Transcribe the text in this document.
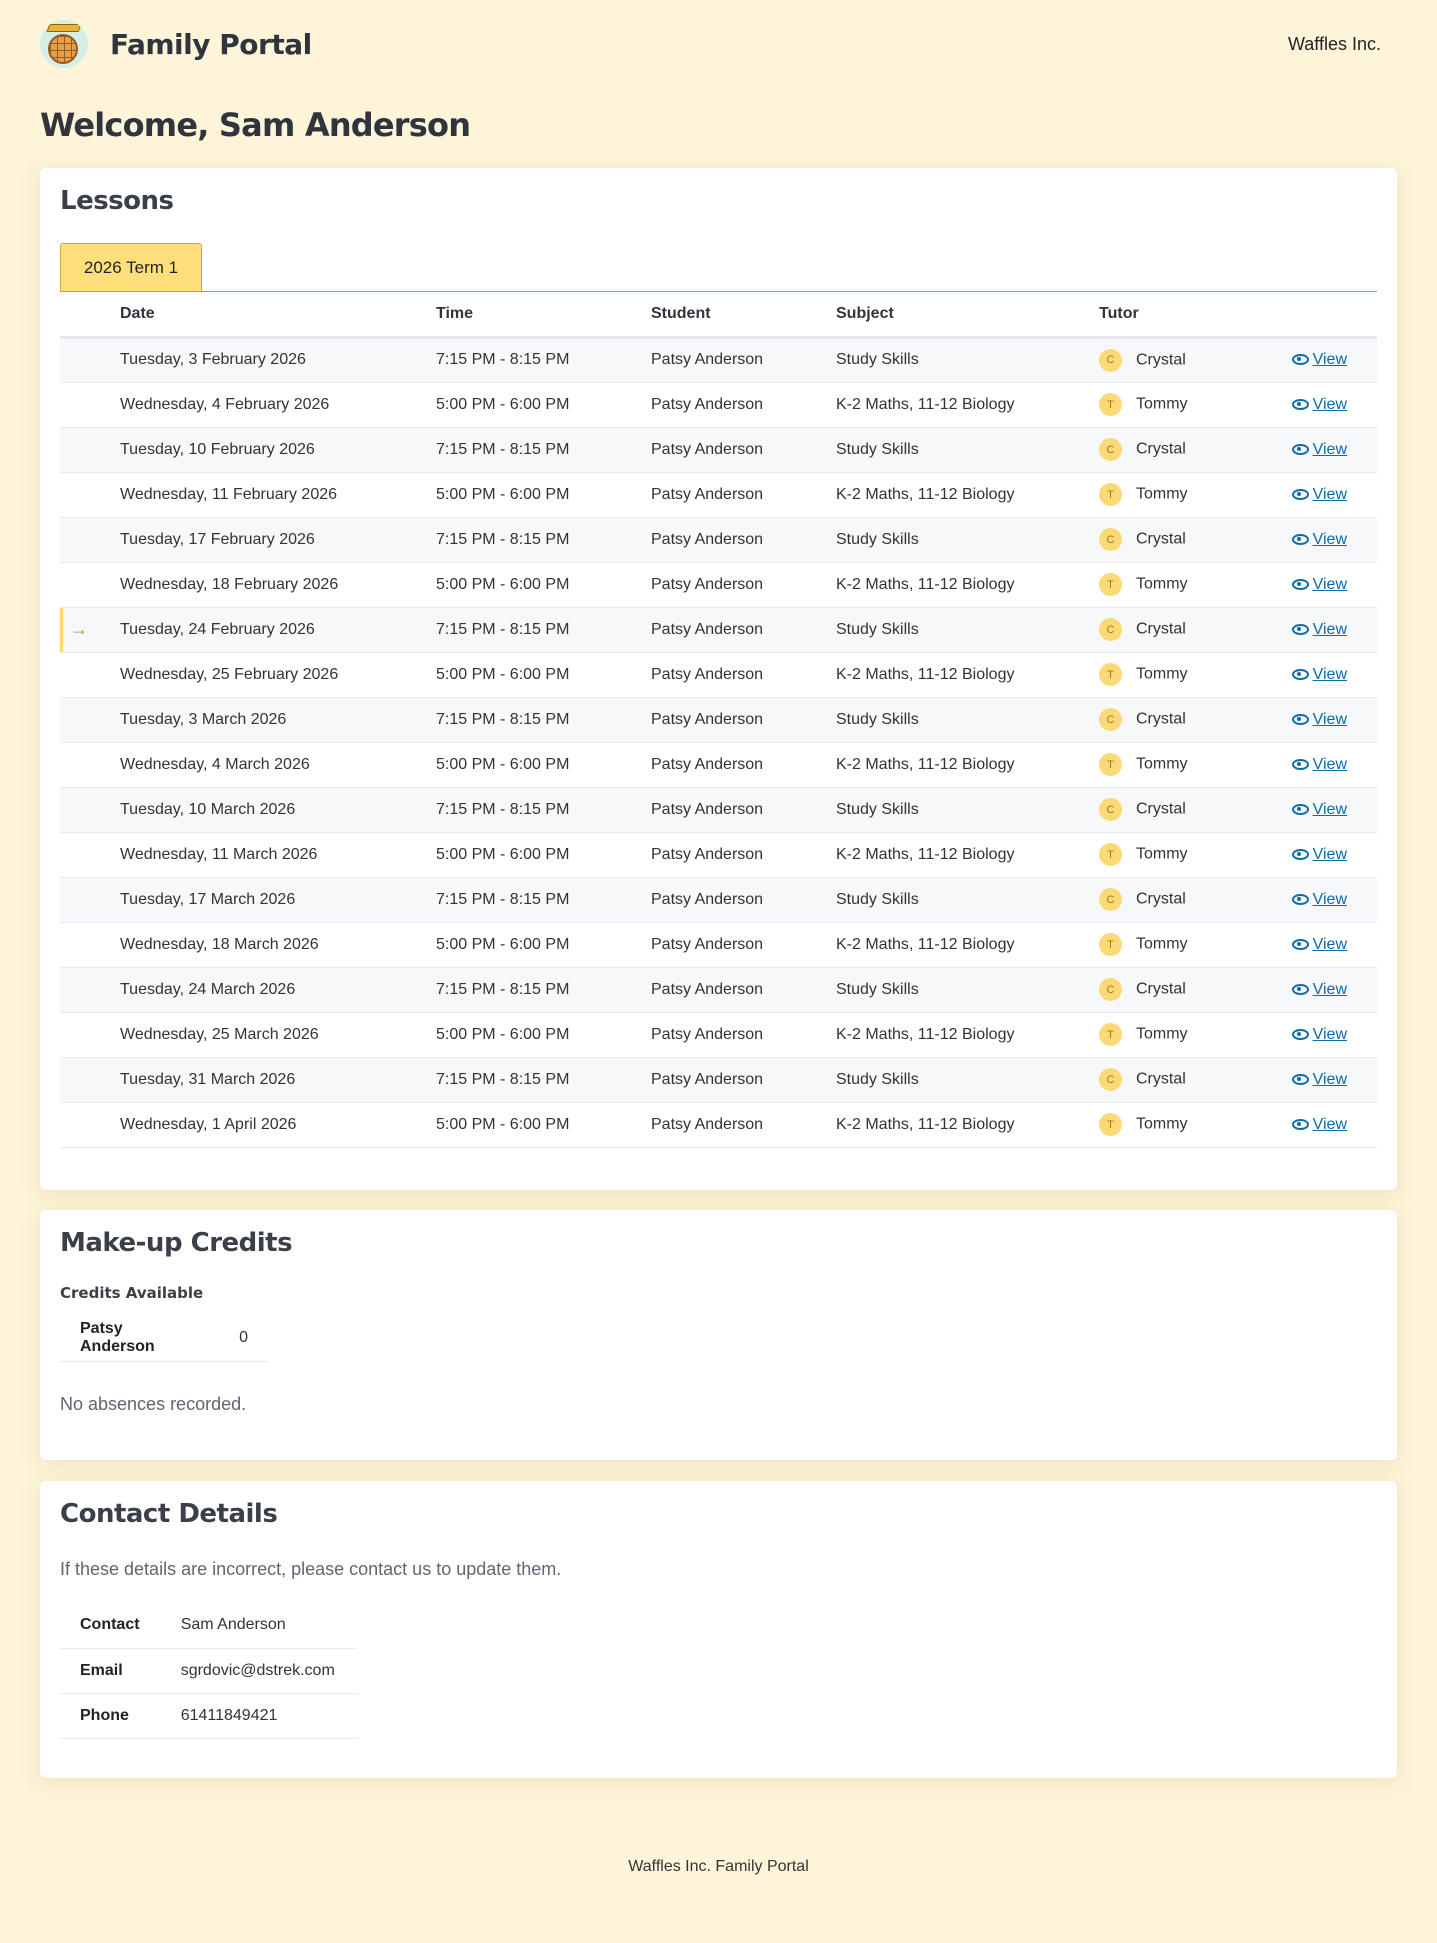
Family Portal	Waffles Inc.
Welcome, Sam Anderson
Lessons
2026 Term 1
	Date	Time	Student	Subject	Tutor	
	Tuesday, 3 February 2026	7:15 PM - 8:15 PM	Patsy Anderson	Study Skills	C Crystal	View
	Wednesday, 4 February 2026	5:00 PM - 6:00 PM	Patsy Anderson	K-2 Maths, 11-12 Biology	T Tommy	View
	Tuesday, 10 February 2026	7:15 PM - 8:15 PM	Patsy Anderson	Study Skills	C Crystal	View
	Wednesday, 11 February 2026	5:00 PM - 6:00 PM	Patsy Anderson	K-2 Maths, 11-12 Biology	T Tommy	View
	Tuesday, 17 February 2026	7:15 PM - 8:15 PM	Patsy Anderson	Study Skills	C Crystal	View
	Wednesday, 18 February 2026	5:00 PM - 6:00 PM	Patsy Anderson	K-2 Maths, 11-12 Biology	T Tommy	View
→	Tuesday, 24 February 2026	7:15 PM - 8:15 PM	Patsy Anderson	Study Skills	C Crystal	View
	Wednesday, 25 February 2026	5:00 PM - 6:00 PM	Patsy Anderson	K-2 Maths, 11-12 Biology	T Tommy	View
	Tuesday, 3 March 2026	7:15 PM - 8:15 PM	Patsy Anderson	Study Skills	C Crystal	View
	Wednesday, 4 March 2026	5:00 PM - 6:00 PM	Patsy Anderson	K-2 Maths, 11-12 Biology	T Tommy	View
	Tuesday, 10 March 2026	7:15 PM - 8:15 PM	Patsy Anderson	Study Skills	C Crystal	View
	Wednesday, 11 March 2026	5:00 PM - 6:00 PM	Patsy Anderson	K-2 Maths, 11-12 Biology	T Tommy	View
	Tuesday, 17 March 2026	7:15 PM - 8:15 PM	Patsy Anderson	Study Skills	C Crystal	View
	Wednesday, 18 March 2026	5:00 PM - 6:00 PM	Patsy Anderson	K-2 Maths, 11-12 Biology	T Tommy	View
	Tuesday, 24 March 2026	7:15 PM - 8:15 PM	Patsy Anderson	Study Skills	C Crystal	View
	Wednesday, 25 March 2026	5:00 PM - 6:00 PM	Patsy Anderson	K-2 Maths, 11-12 Biology	T Tommy	View
	Tuesday, 31 March 2026	7:15 PM - 8:15 PM	Patsy Anderson	Study Skills	C Crystal	View
	Wednesday, 1 April 2026	5:00 PM - 6:00 PM	Patsy Anderson	K-2 Maths, 11-12 Biology	T Tommy	View
Make-up Credits
Credits Available
Patsy Anderson	0
No absences recorded.
Contact Details
If these details are incorrect, please contact us to update them.
Contact	Sam Anderson
Email	sgrdovic@dstrek.com
Phone	61411849421
Waffles Inc. Family Portal
